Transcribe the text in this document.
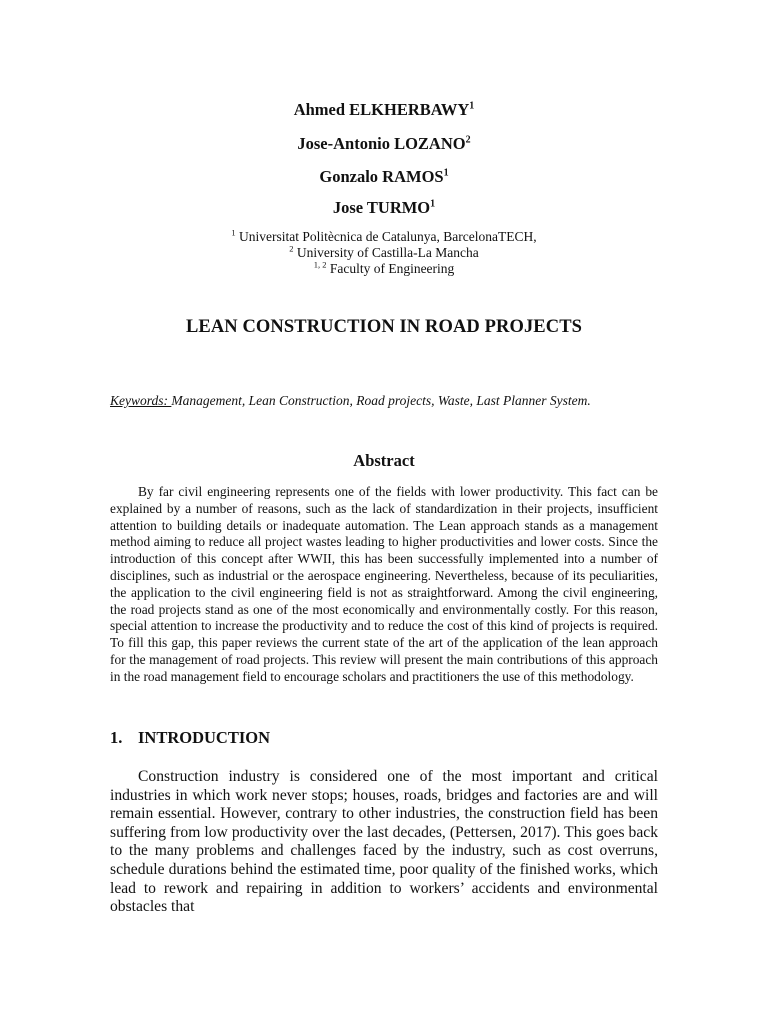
Ahmed ELKHERBAWY$^1$
Jose-Antonio LOZANO$^2$
Gonzalo RAMOS$^1$
Jose TURMO$^1$
$^1$ Universitat Politècnica de Catalunya, BarcelonaTECH,
$^2$ University of Castilla-La Mancha
$^{1, 2}$ Faculty of Engineering
LEAN CONSTRUCTION IN ROAD PROJECTS
Keywords: Management, Lean Construction, Road projects, Waste, Last Planner System.
Abstract
By far civil engineering represents one of the fields with lower productivity. This fact can be explained by a number of reasons, such as the lack of standardization in their projects, insufficient attention to building details or inadequate automation. The Lean approach stands as a management method aiming to reduce all project wastes leading to higher productivities and lower costs. Since the introduction of this concept after WWII, this has been successfully implemented into a number of disciplines, such as industrial or the aerospace engineering. Nevertheless, because of its peculiarities, the application to the civil engineering field is not as straightforward. Among the civil engineering, the road projects stand as one of the most economically and environmentally costly. For this reason, special attention to increase the productivity and to reduce the cost of this kind of projects is required. To fill this gap, this paper reviews the current state of the art of the application of the lean approach for the management of road projects. This review will present the main contributions of this approach in the road management field to encourage scholars and practitioners the use of this methodology.
1. INTRODUCTION
Construction industry is considered one of the most important and critical industries in which work never stops; houses, roads, bridges and factories are and will remain essential. However, contrary to other industries, the construction field has been suffering from low productivity over the last decades, (Pettersen, 2017). This goes back to the many problems and challenges faced by the industry, such as cost overruns, schedule durations behind the estimated time, poor quality of the finished works, which lead to rework and repairing in addition to workers’ accidents and environmental obstacles that
